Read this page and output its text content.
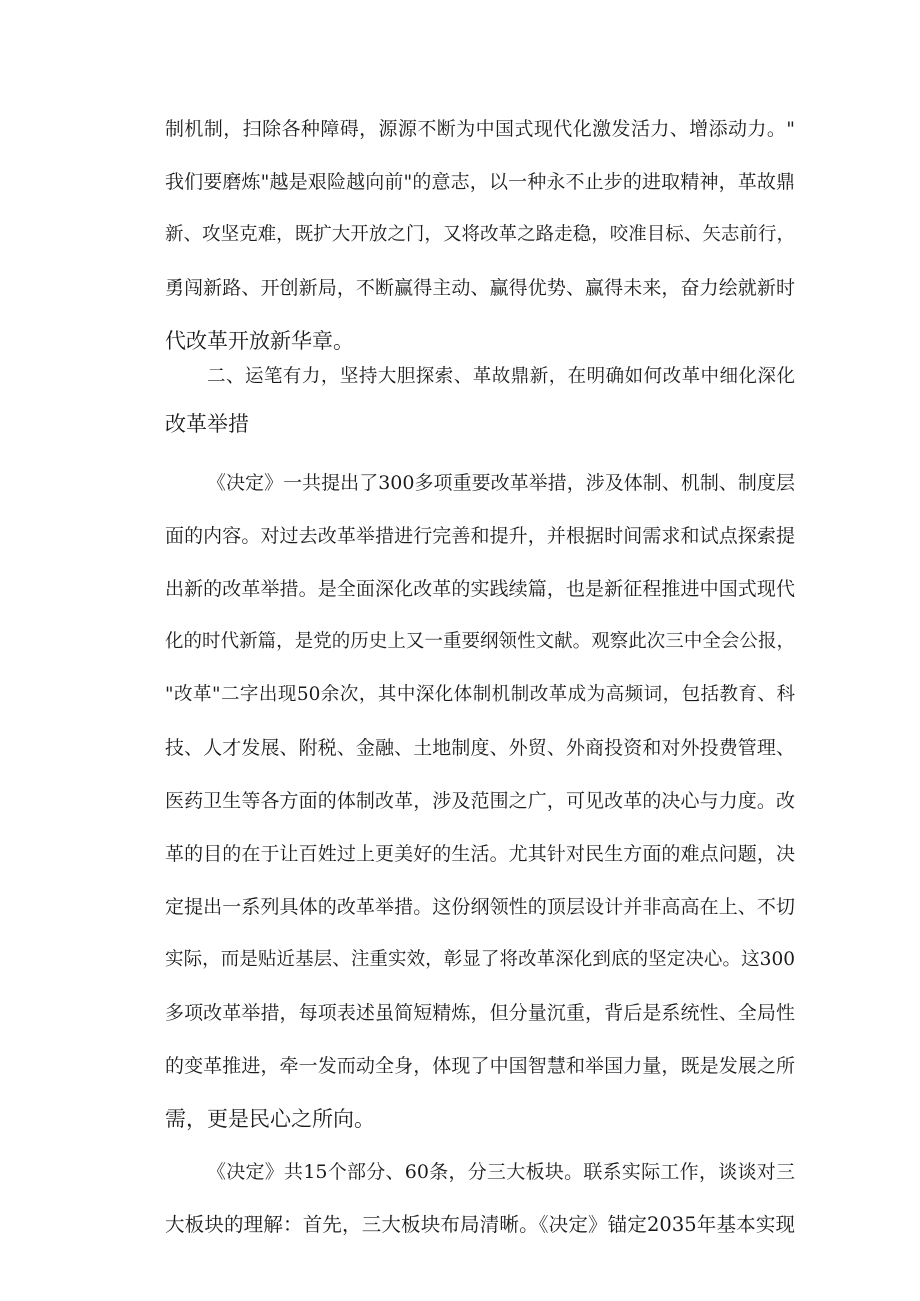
制机制，扫除各种障碍，源源不断为中国式现代化激发活力、增添动力。"

我们要磨炼"越是艰险越向前"的意志，以一种永不止步的进取精神，革故鼎

新、攻坚克难，既扩大开放之门，又将改革之路走稳，咬准目标、矢志前行，

勇闯新路、开创新局，不断赢得主动、赢得优势、赢得未来，奋力绘就新时

代改革开放新华章。

二、运笔有力，坚持大胆探索、革故鼎新，在明确如何改革中细化深化

改革举措

《决定》一共提出了300多项重要改革举措，涉及体制、机制、制度层

面的内容。对过去改革举措进行完善和提升，并根据时间需求和试点探索提

出新的改革举措。是全面深化改革的实践续篇，也是新征程推进中国式现代

化的时代新篇，是党的历史上又一重要纲领性文献。观察此次三中全会公报，

"改革"二字出现50余次，其中深化体制机制改革成为高频词，包括教育、科

技、人才发展、附税、金融、土地制度、外贸、外商投资和对外投费管理、

医药卫生等各方面的体制改革，涉及范围之广，可见改革的决心与力度。改

革的目的在于让百姓过上更美好的生活。尤其针对民生方面的难点问题，决

定提出一系列具体的改革举措。这份纲领性的顶层设计并非高高在上、不切

实际，而是贴近基层、注重实效，彰显了将改革深化到底的坚定决心。这300

多项改革举措，每项表述虽简短精炼，但分量沉重，背后是系统性、全局性

的变革推进，牵一发而动全身，体现了中国智慧和举国力量，既是发展之所

需，更是民心之所向。

《决定》共15个部分、60条，分三大板块。联系实际工作，谈谈对三

大板块的理解：首先，三大板块布局清晰。《决定》锚定2035年基本实现
